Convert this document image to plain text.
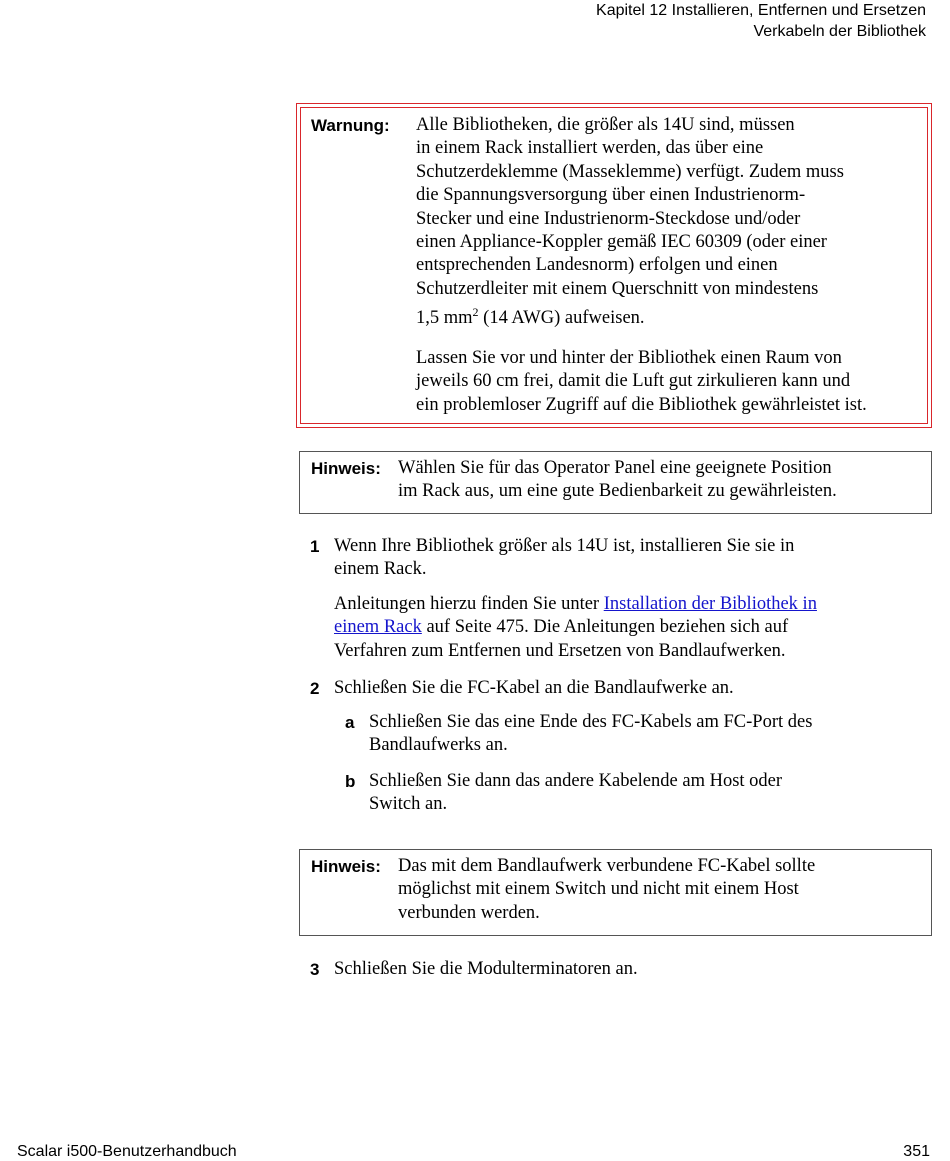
Kapitel 12 Installieren, Entfernen und Ersetzen
Verkabeln der Bibliothek
Warnung: Alle Bibliotheken, die größer als 14U sind, müssen
in einem Rack installiert werden, das über eine
Schutzerdeklemme (Masseklemme) verfügt. Zudem muss
die Spannungsversorgung über einen Industrienorm-
Stecker und eine Industrienorm-Steckdose und/oder
einen Appliance-Koppler gemäß IEC 60309 (oder einer
entsprechenden Landesnorm) erfolgen und einen
Schutzerdleiter mit einem Querschnitt von mindestens
1,5 $mm^2$ (14 AWG) aufweisen.
Lassen Sie vor und hinter der Bibliothek einen Raum von
jeweils 60 cm frei, damit die Luft gut zirkulieren kann und
ein problemloser Zugriff auf die Bibliothek gewährleistet ist.
Hinweis: Wählen Sie für das Operator Panel eine geeignete Position
im Rack aus, um eine gute Bedienbarkeit zu gewährleisten.
1 Wenn Ihre Bibliothek größer als 14U ist, installieren Sie sie in
einem Rack.
Anleitungen hierzu finden Sie unter Installation der Bibliothek in
einem Rack auf Seite 475. Die Anleitungen beziehen sich auf
Verfahren zum Entfernen und Ersetzen von Bandlaufwerken.
2 Schließen Sie die FC-Kabel an die Bandlaufwerke an.
a Schließen Sie das eine Ende des FC-Kabels am FC-Port des
Bandlaufwerks an.
b Schließen Sie dann das andere Kabelende am Host oder
Switch an.
Hinweis: Das mit dem Bandlaufwerk verbundene FC-Kabel sollte
möglichst mit einem Switch und nicht mit einem Host
verbunden werden.
3 Schließen Sie die Modulterminatoren an.
Scalar i500-Benutzerhandbuch	351
